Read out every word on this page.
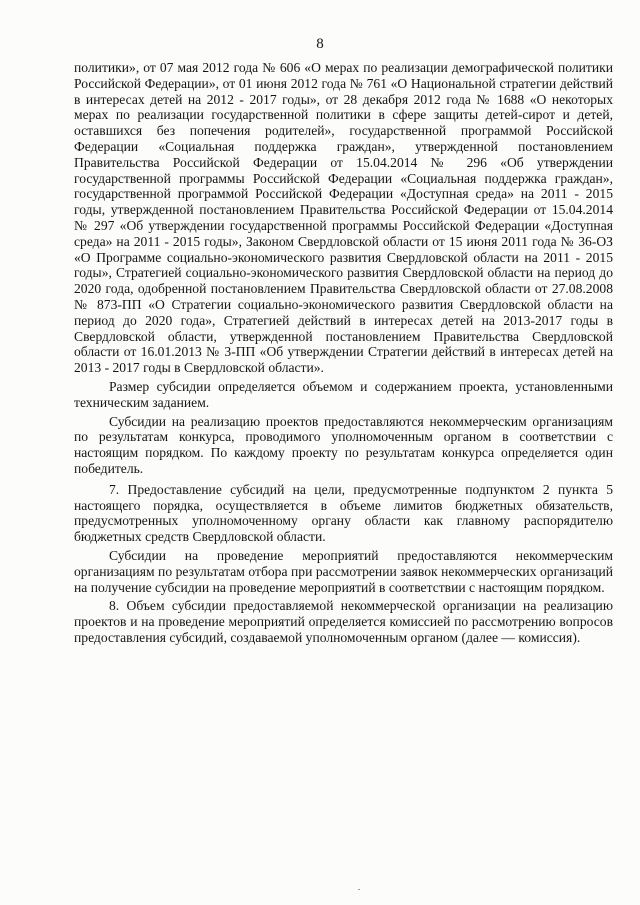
8

политики», от 07 мая 2012 года № 606 «О мерах по реализации демографической политики Российской Федерации», от 01 июня 2012 года № 761 «О Национальной стратегии действий в интересах детей на 2012 - 2017 годы», от 28 декабря 2012 года № 1688 «О некоторых мерах по реализации государственной политики в сфере защиты детей-сирот и детей, оставшихся без попечения родителей», государственной программой Российской Федерации «Социальная поддержка граждан», утвержденной постановлением Правительства Российской Федерации от 15.04.2014 № 296 «Об утверждении государственной программы Российской Федерации «Социальная поддержка граждан», государственной программой Российской Федерации «Доступная среда» на 2011 - 2015 годы, утвержденной постановлением Правительства Российской Федерации от 15.04.2014 № 297 «Об утверждении государственной программы Российской Федерации «Доступная среда» на 2011 - 2015 годы», Законом Свердловской области от 15 июня 2011 года № 36-ОЗ «О Программе социально-экономического развития Свердловской области на 2011 - 2015 годы», Стратегией социально-экономического развития Свердловской области на период до 2020 года, одобренной постановлением Правительства Свердловской области от 27.08.2008 № 873-ПП «О Стратегии социально-экономического развития Свердловской области на период до 2020 года», Стратегией действий в интересах детей на 2013-2017 годы в Свердловской области, утвержденной постановлением Правительства Свердловской области от 16.01.2013 № 3-ПП «Об утверждении Стратегии действий в интересах детей на 2013 - 2017 годы в Свердловской области».

Размер субсидии определяется объемом и содержанием проекта, установленными техническим заданием.

Субсидии на реализацию проектов предоставляются некоммерческим организациям по результатам конкурса, проводимого уполномоченным органом в соответствии с настоящим порядком. По каждому проекту по результатам конкурса определяется один победитель.

7. Предоставление субсидий на цели, предусмотренные подпунктом 2 пункта 5 настоящего порядка, осуществляется в объеме лимитов бюджетных обязательств, предусмотренных уполномоченному органу области как главному распорядителю бюджетных средств Свердловской области.

Субсидии на проведение мероприятий предоставляются некоммерческим организациям по результатам отбора при рассмотрении заявок некоммерческих организаций на получение субсидии на проведение мероприятий в соответствии с настоящим порядком.

8. Объем субсидии предоставляемой некоммерческой организации на реализацию проектов и на проведение мероприятий определяется комиссией по рассмотрению вопросов предоставления субсидий, создаваемой уполномоченным органом (далее — комиссия).
